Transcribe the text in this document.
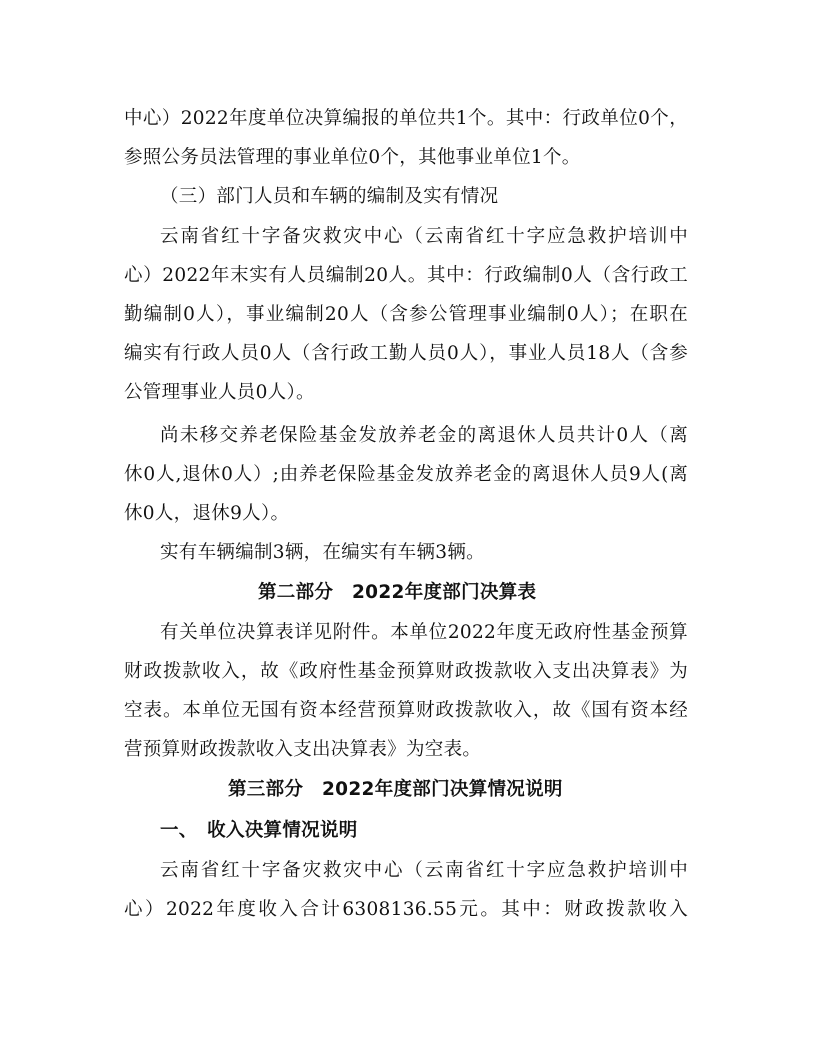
中心）2022年度单位决算编报的单位共1个。其中：行政单位0个，
参照公务员法管理的事业单位0个，其他事业单位1个。
（三）部门人员和车辆的编制及实有情况
云南省红十字备灾救灾中心（云南省红十字应急救护培训中
心）2022年末实有人员编制20人。其中：行政编制0人（含行政工
勤编制0人），事业编制20人（含参公管理事业编制0人）；在职在
编实有行政人员0人（含行政工勤人员0人），事业人员18人（含参
公管理事业人员0人）。
尚未移交养老保险基金发放养老金的离退休人员共计0人（离
休0人,退休0人）;由养老保险基金发放养老金的离退休人员9人(离
休0人，退休9人）。
实有车辆编制3辆，在编实有车辆3辆。
第二部分　2022年度部门决算表
有关单位决算表详见附件。本单位2022年度无政府性基金预算
财政拨款收入，故《政府性基金预算财政拨款收入支出决算表》为
空表。本单位无国有资本经营预算财政拨款收入，故《国有资本经
营预算财政拨款收入支出决算表》为空表。
第三部分　2022年度部门决算情况说明
一、　收入决算情况说明
云南省红十字备灾救灾中心（云南省红十字应急救护培训中
心）2022年度收入合计6308136.55元。其中：财政拨款收入
